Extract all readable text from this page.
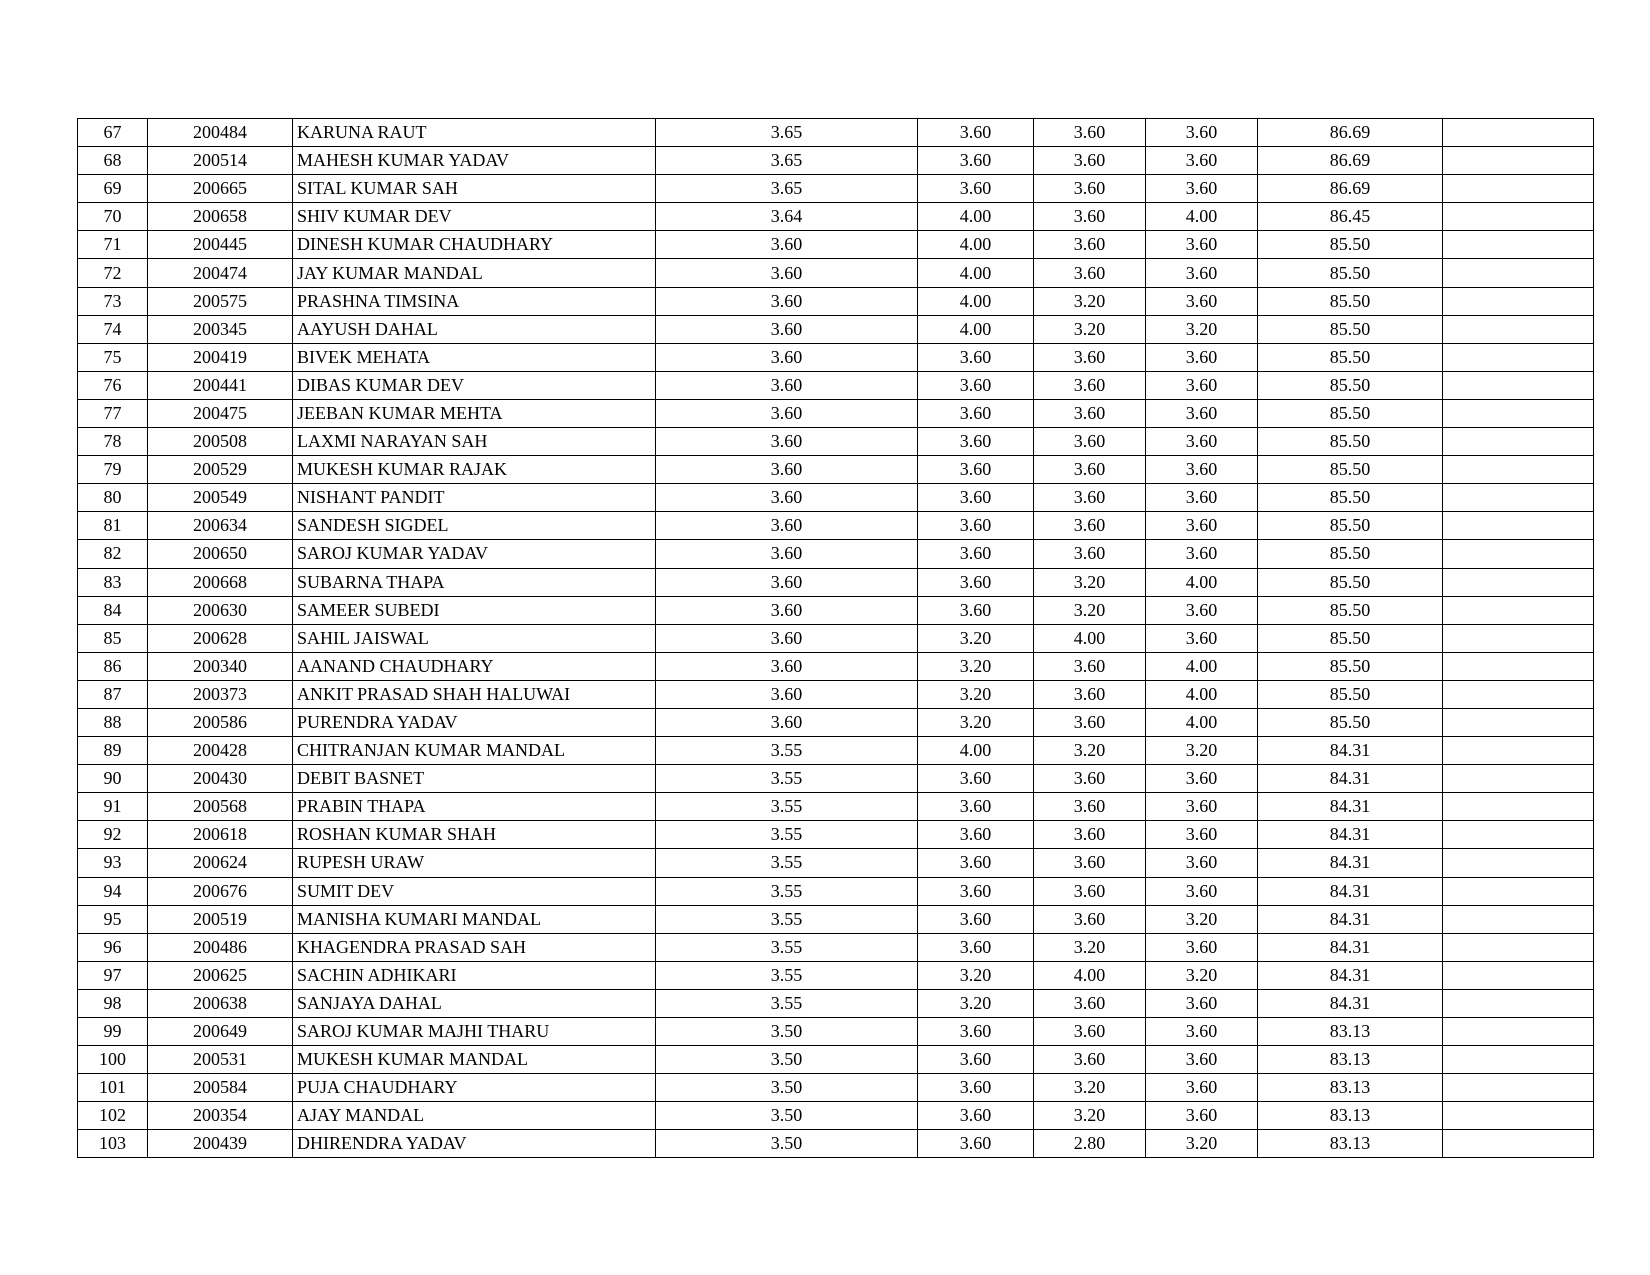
67	200484	KARUNA RAUT	3.65	3.60	3.60	3.60	86.69	
68	200514	MAHESH KUMAR YADAV	3.65	3.60	3.60	3.60	86.69	
69	200665	SITAL KUMAR SAH	3.65	3.60	3.60	3.60	86.69	
70	200658	SHIV KUMAR DEV	3.64	4.00	3.60	4.00	86.45	
71	200445	DINESH KUMAR CHAUDHARY	3.60	4.00	3.60	3.60	85.50	
72	200474	JAY KUMAR MANDAL	3.60	4.00	3.60	3.60	85.50	
73	200575	PRASHNA TIMSINA	3.60	4.00	3.20	3.60	85.50	
74	200345	AAYUSH DAHAL	3.60	4.00	3.20	3.20	85.50	
75	200419	BIVEK MEHATA	3.60	3.60	3.60	3.60	85.50	
76	200441	DIBAS KUMAR DEV	3.60	3.60	3.60	3.60	85.50	
77	200475	JEEBAN KUMAR MEHTA	3.60	3.60	3.60	3.60	85.50	
78	200508	LAXMI NARAYAN SAH	3.60	3.60	3.60	3.60	85.50	
79	200529	MUKESH KUMAR RAJAK	3.60	3.60	3.60	3.60	85.50	
80	200549	NISHANT PANDIT	3.60	3.60	3.60	3.60	85.50	
81	200634	SANDESH SIGDEL	3.60	3.60	3.60	3.60	85.50	
82	200650	SAROJ KUMAR YADAV	3.60	3.60	3.60	3.60	85.50	
83	200668	SUBARNA THAPA	3.60	3.60	3.20	4.00	85.50	
84	200630	SAMEER SUBEDI	3.60	3.60	3.20	3.60	85.50	
85	200628	SAHIL JAISWAL	3.60	3.20	4.00	3.60	85.50	
86	200340	AANAND CHAUDHARY	3.60	3.20	3.60	4.00	85.50	
87	200373	ANKIT PRASAD SHAH HALUWAI	3.60	3.20	3.60	4.00	85.50	
88	200586	PURENDRA YADAV	3.60	3.20	3.60	4.00	85.50	
89	200428	CHITRANJAN KUMAR MANDAL	3.55	4.00	3.20	3.20	84.31	
90	200430	DEBIT BASNET	3.55	3.60	3.60	3.60	84.31	
91	200568	PRABIN THAPA	3.55	3.60	3.60	3.60	84.31	
92	200618	ROSHAN KUMAR SHAH	3.55	3.60	3.60	3.60	84.31	
93	200624	RUPESH URAW	3.55	3.60	3.60	3.60	84.31	
94	200676	SUMIT DEV	3.55	3.60	3.60	3.60	84.31	
95	200519	MANISHA KUMARI MANDAL	3.55	3.60	3.60	3.20	84.31	
96	200486	KHAGENDRA PRASAD SAH	3.55	3.60	3.20	3.60	84.31	
97	200625	SACHIN ADHIKARI	3.55	3.20	4.00	3.20	84.31	
98	200638	SANJAYA DAHAL	3.55	3.20	3.60	3.60	84.31	
99	200649	SAROJ KUMAR MAJHI THARU	3.50	3.60	3.60	3.60	83.13	
100	200531	MUKESH KUMAR MANDAL	3.50	3.60	3.60	3.60	83.13	
101	200584	PUJA CHAUDHARY	3.50	3.60	3.20	3.60	83.13	
102	200354	AJAY MANDAL	3.50	3.60	3.20	3.60	83.13	
103	200439	DHIRENDRA YADAV	3.50	3.60	2.80	3.20	83.13	
